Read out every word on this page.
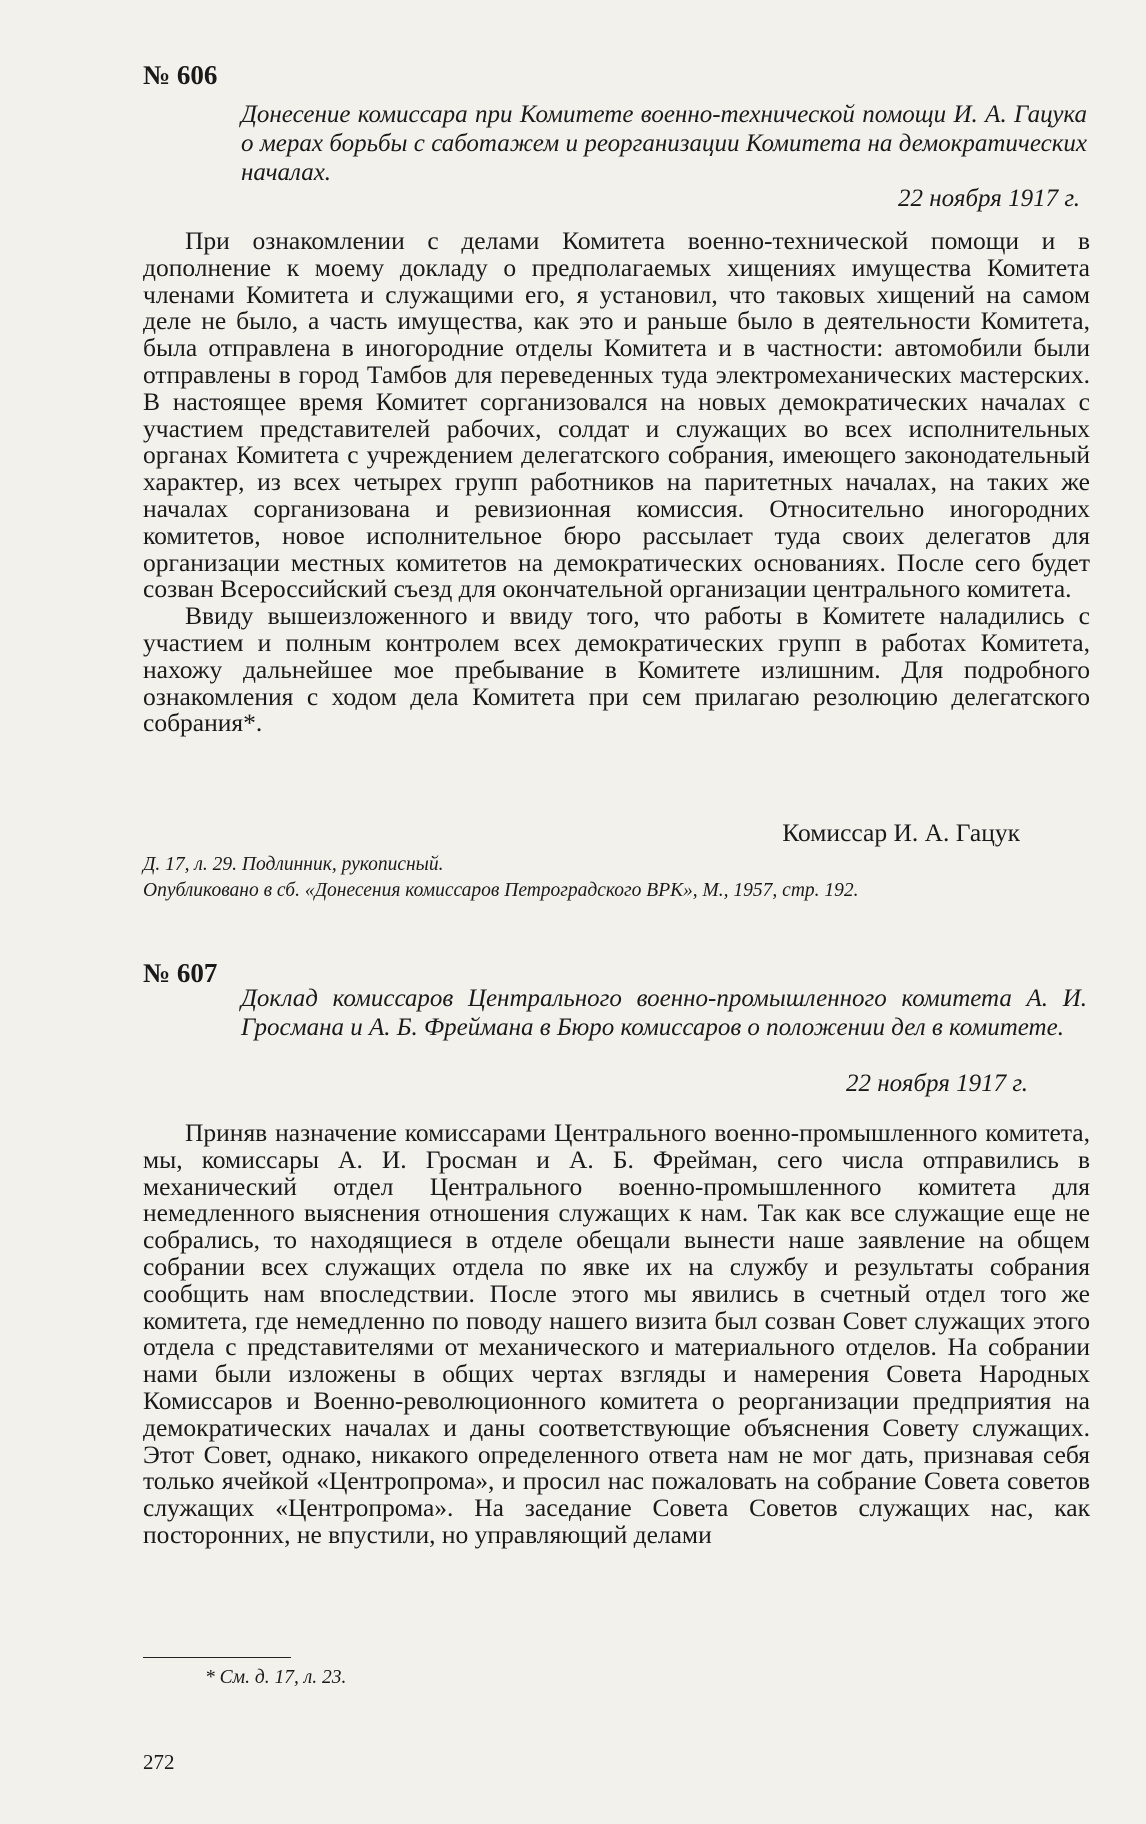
№ 606
Донесение комиссара при Комитете военно-технической помощи И. А. Гацука о мерах борьбы с саботажем и реорганизации Комитета на демократических началах.
22 ноября 1917 г.

При ознакомлении с делами Комитета военно-технической помощи и в дополнение к моему докладу о предполагаемых хищениях имущества Комитета членами Комитета и служащими его, я установил, что таковых хищений на самом деле не было, а часть имущества, как это и раньше было в деятельности Комитета, была отправлена в иногородние отделы Комитета и в частности: автомобили были отправлены в город Тамбов для переведенных туда электромеханических мастерских. В настоящее время Комитет сорганизовался на новых демократических началах с участием представителей рабочих, солдат и служащих во всех исполнительных органах Комитета с учреждением делегатского собрания, имеющего законодательный характер, из всех четырех групп работников на паритетных началах, на таких же началах сорганизована и ревизионная комиссия. Относительно иногородних комитетов, новое исполнительное бюро рассылает туда своих делегатов для организации местных комитетов на демократических основаниях. После сего будет созван Всероссийский съезд для окончательной организации центрального комитета.

Ввиду вышеизложенного и ввиду того, что работы в Комитете наладились с участием и полным контролем всех демократических групп в работах Комитета, нахожу дальнейшее мое пребывание в Комитете излишним. Для подробного ознакомления с ходом дела Комитета при сем прилагаю резолюцию делегатского собрания*.

Комиссар И. А. Гацук
Д. 17, л. 29. Подлинник, рукописный.
Опубликовано в сб. «Донесения комиссаров Петроградского ВРК», М., 1957, стр. 192.
№ 607
Доклад комиссаров Центрального военно-промышленного комитета А. И. Гросмана и А. Б. Фреймана в Бюро комиссаров о положении дел в комитете.
22 ноября 1917 г.

Приняв назначение комиссарами Центрального военно-промышленного комитета, мы, комиссары А. И. Гросман и А. Б. Фрейман, сего числа отправились в механический отдел Центрального военно-промышленного комитета для немедленного выяснения отношения служащих к нам. Так как все служащие еще не собрались, то находящиеся в отделе обещали вынести наше заявление на общем собрании всех служащих отдела по явке их на службу и результаты собрания сообщить нам впоследствии. После этого мы явились в счетный отдел того же комитета, где немедленно по поводу нашего визита был созван Совет служащих этого отдела с представителями от механического и материального отделов. На собрании нами были изложены в общих чертах взгляды и намерения Совета Народных Комиссаров и Военно-революционного комитета о реорганизации предприятия на демократических началах и даны соответствующие объяснения Совету служащих. Этот Совет, однако, никакого определенного ответа нам не мог дать, признавая себя только ячейкой «Центропрома», и просил нас пожаловать на собрание Совета советов служащих «Центропрома». На заседание Совета Советов служащих нас, как посторонних, не впустили, но управляющий делами

* См. д. 17, л. 23.
272
